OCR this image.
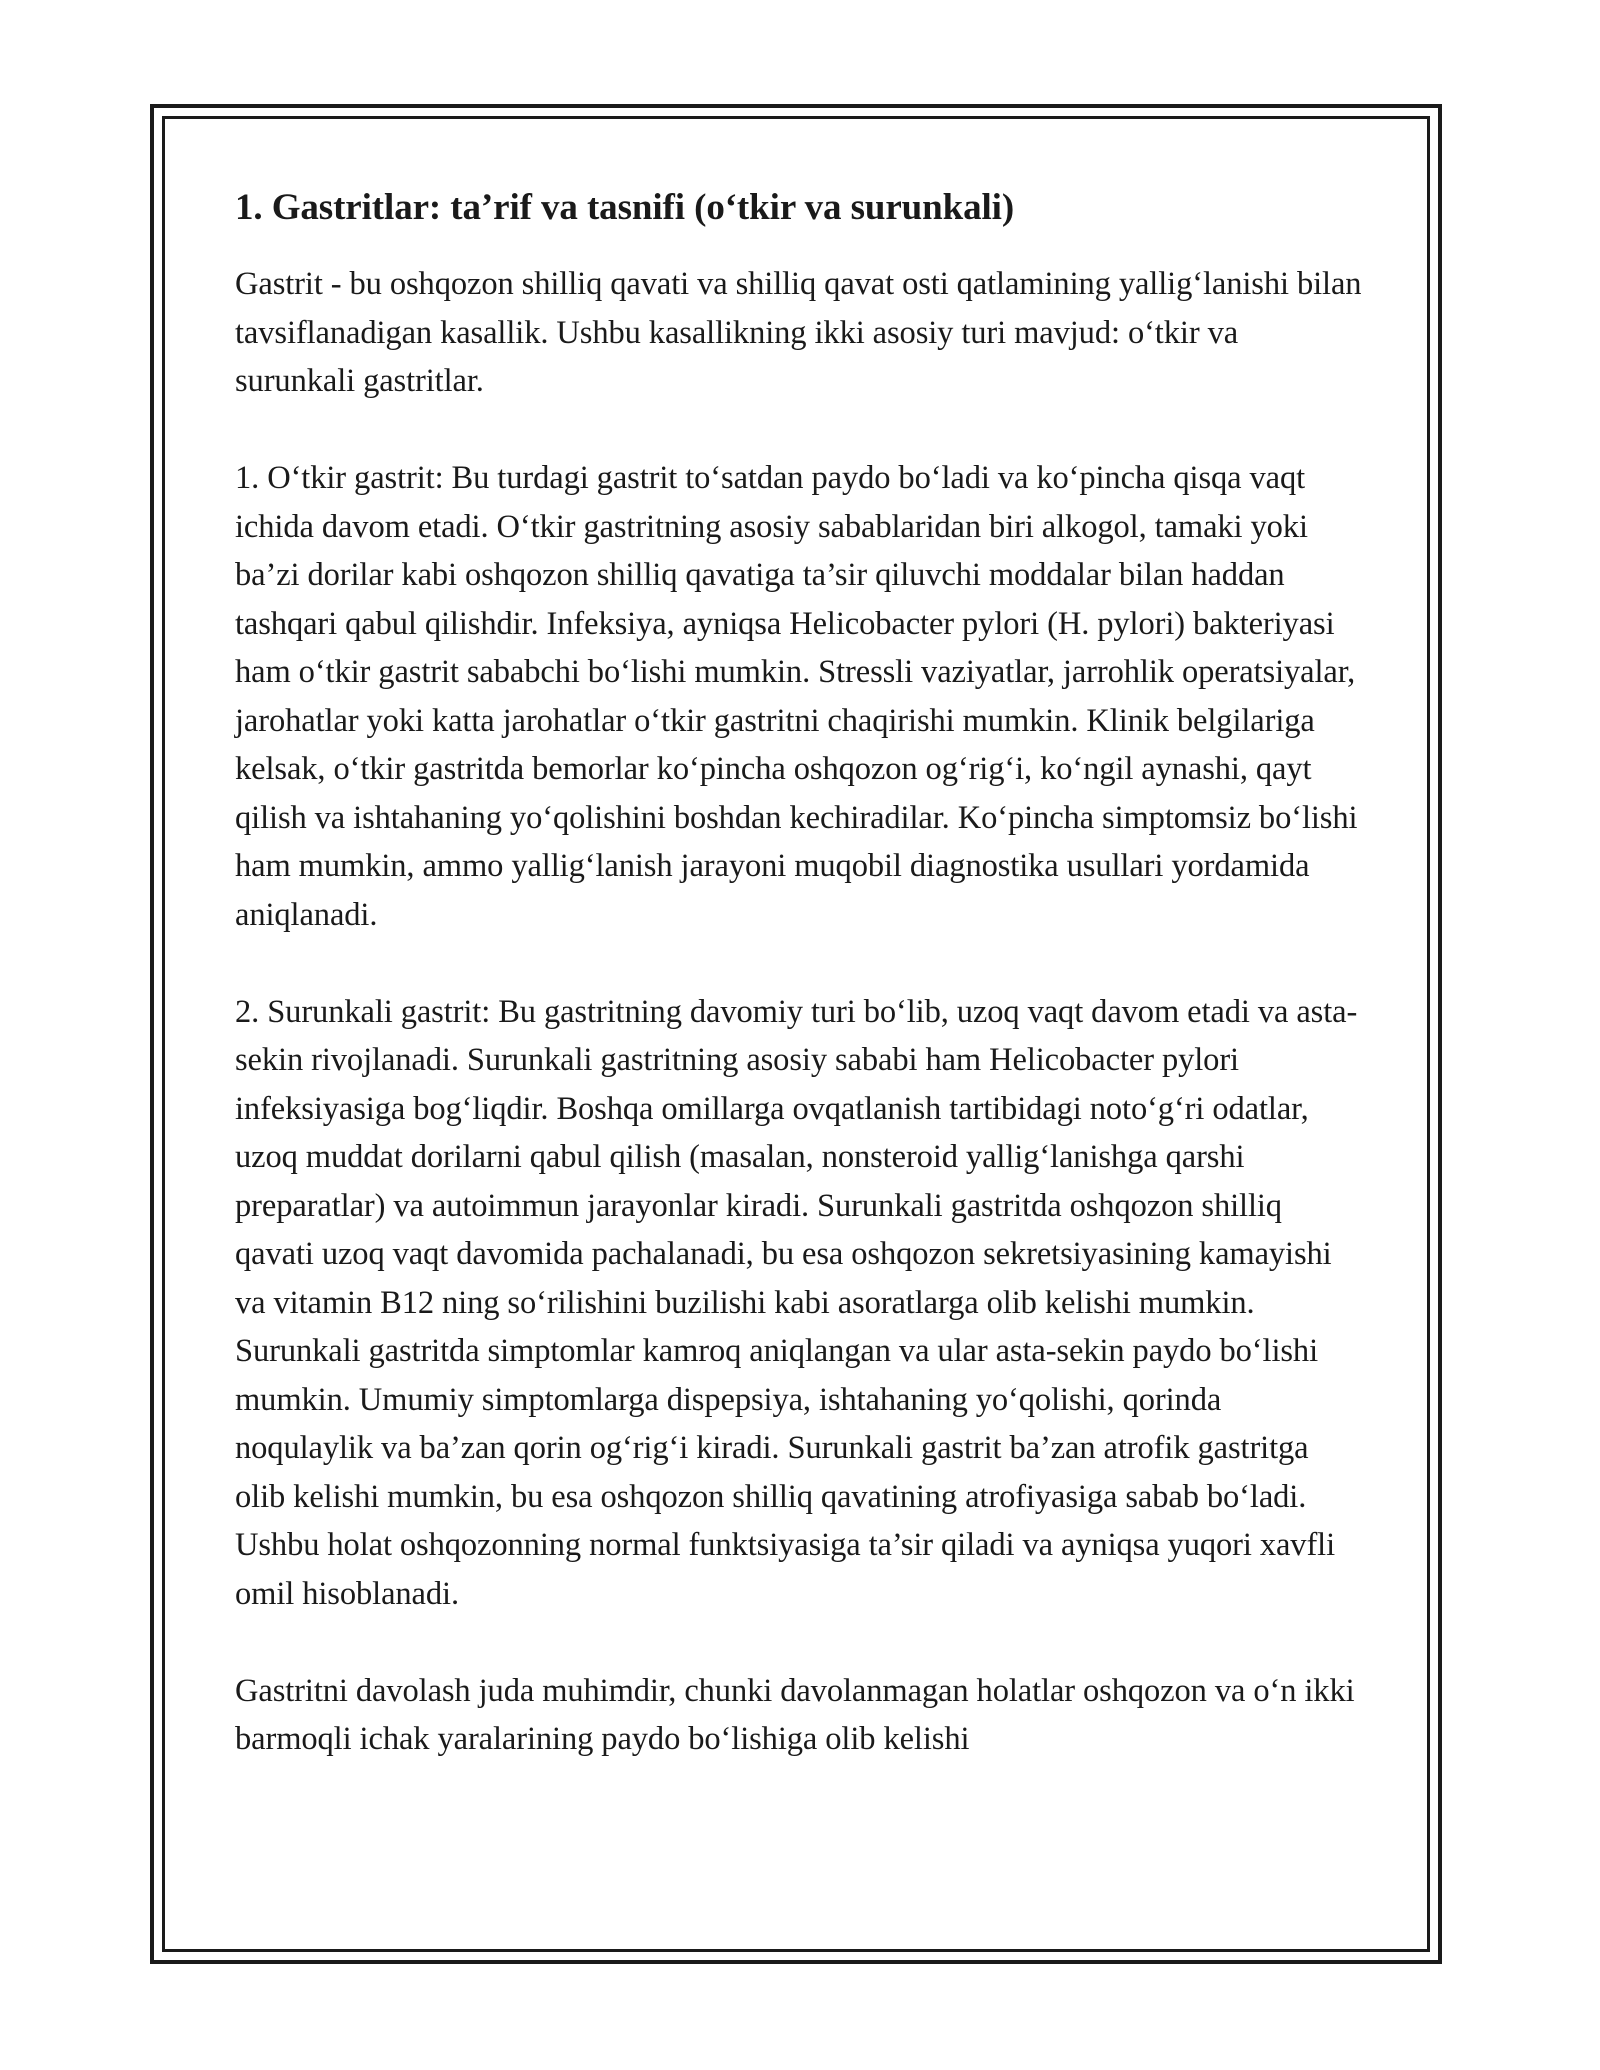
1. Gastritlar: ta’rif va tasnifi (o‘tkir va surunkali)

Gastrit - bu oshqozon shilliq qavati va shilliq qavat osti qatlamining yallig‘lanishi bilan tavsiflanadigan kasallik. Ushbu kasallikning ikki asosiy turi mavjud: o‘tkir va surunkali gastritlar.

1. O‘tkir gastrit: Bu turdagi gastrit to‘satdan paydo bo‘ladi va ko‘pincha qisqa vaqt ichida davom etadi. O‘tkir gastritning asosiy sabablaridan biri alkogol, tamaki yoki ba’zi dorilar kabi oshqozon shilliq qavatiga ta’sir qiluvchi moddalar bilan haddan tashqari qabul qilishdir. Infeksiya, ayniqsa Helicobacter pylori (H. pylori) bakteriyasi ham o‘tkir gastrit sababchi bo‘lishi mumkin. Stressli vaziyatlar, jarrohlik operatsiyalar, jarohatlar yoki katta jarohatlar o‘tkir gastritni chaqirishi mumkin. Klinik belgilariga kelsak, o‘tkir gastritda bemorlar ko‘pincha oshqozon og‘rig‘i, ko‘ngil aynashi, qayt qilish va ishtahaning yo‘qolishini boshdan kechiradilar. Ko‘pincha simptomsiz bo‘lishi ham mumkin, ammo yallig‘lanish jarayoni muqobil diagnostika usullari yordamida aniqlanadi.

2. Surunkali gastrit: Bu gastritning davomiy turi bo‘lib, uzoq vaqt davom etadi va asta-sekin rivojlanadi. Surunkali gastritning asosiy sababi ham Helicobacter pylori infeksiyasiga bog‘liqdir. Boshqa omillarga ovqatlanish tartibidagi noto‘g‘ri odatlar, uzoq muddat dorilarni qabul qilish (masalan, nonsteroid yallig‘lanishga qarshi preparatlar) va autoimmun jarayonlar kiradi. Surunkali gastritda oshqozon shilliq qavati uzoq vaqt davomida pachalanadi, bu esa oshqozon sekretsiyasining kamayishi va vitamin B12 ning so‘rilishini buzilishi kabi asoratlarga olib kelishi mumkin. Surunkali gastritda simptomlar kamroq aniqlangan va ular asta-sekin paydo bo‘lishi mumkin. Umumiy simptomlarga dispepsiya, ishtahaning yo‘qolishi, qorinda noqulaylik va ba’zan qorin og‘rig‘i kiradi. Surunkali gastrit ba’zan atrofik gastritga olib kelishi mumkin, bu esa oshqozon shilliq qavatining atrofiyasiga sabab bo‘ladi. Ushbu holat oshqozonning normal funktsiyasiga ta’sir qiladi va ayniqsa yuqori xavfli omil hisoblanadi.

Gastritni davolash juda muhimdir, chunki davolanmagan holatlar oshqozon va o‘n ikki barmoqli ichak yaralarining paydo bo‘lishiga olib kelishi
